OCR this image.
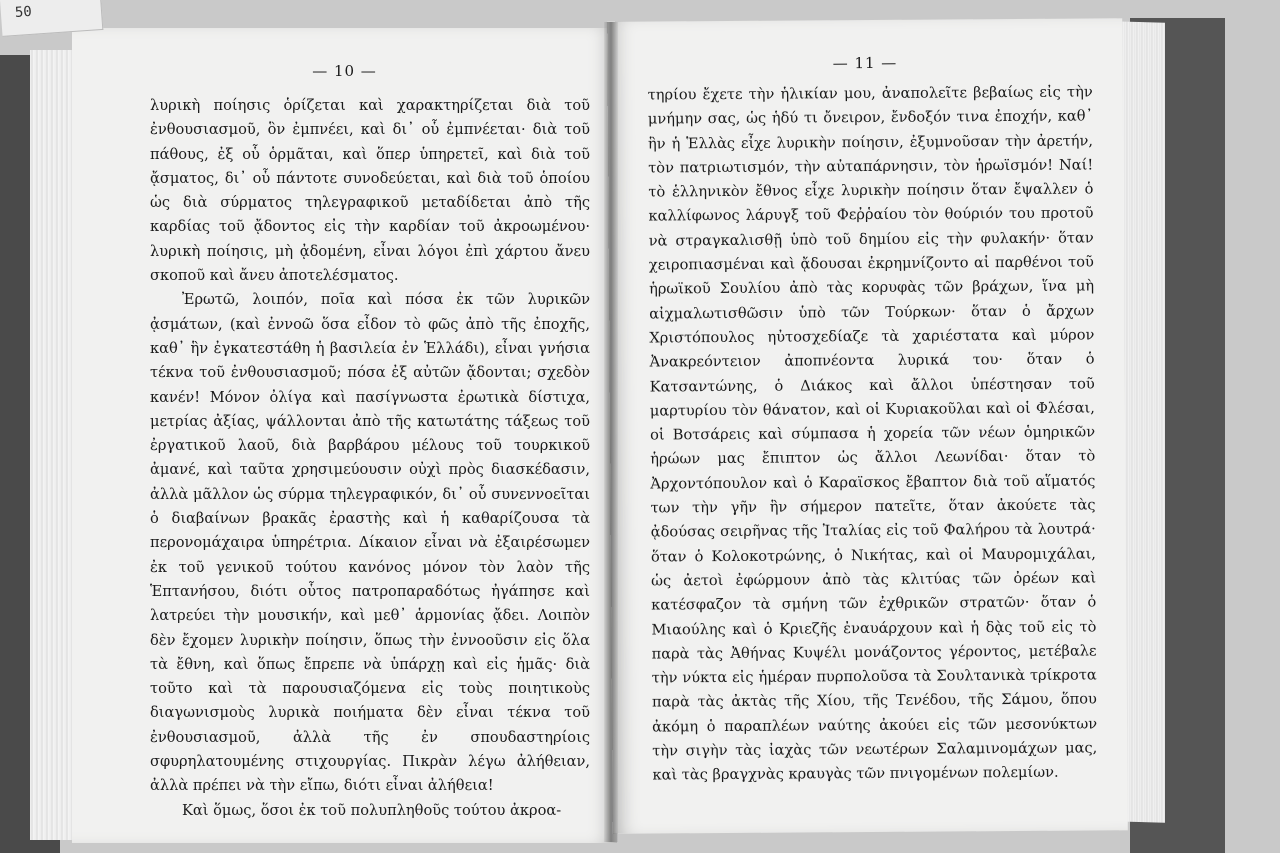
— 10 —

λυρικὴ ποίησις ὁρίζεται καὶ χαρακτηρίζεται διὰ τοῦ ἐνθουσιασμοῦ, ὃν ἐμπνέει, καὶ δι᾽ οὗ ἐμπνέεται· διὰ τοῦ πάθους, ἐξ οὗ ὁρμᾶται, καὶ ὅπερ ὑπηρετεῖ, καὶ διὰ τοῦ ᾄσματος, δι᾽ οὗ πάντοτε συνοδεύεται, καὶ διὰ τοῦ ὁποίου ὡς διὰ σύρματος τηλεγραφικοῦ μεταδίδεται ἀπὸ τῆς καρδίας τοῦ ᾄδοντος εἰς τὴν καρδίαν τοῦ ἀκροωμένου· λυρικὴ ποίησις, μὴ ᾀδομένη, εἶναι λόγοι ἐπὶ χάρτου ἄνευ σκοποῦ καὶ ἄνευ ἀποτελέσματος.

Ἐρωτῶ, λοιπόν, ποῖα καὶ πόσα ἐκ τῶν λυρικῶν ᾀσμάτων, (καὶ ἐννοῶ ὅσα εἶδον τὸ φῶς ἀπὸ τῆς ἐποχῆς, καθ᾽ ἣν ἐγκατεστάθη ἡ βασιλεία ἐν Ἑλλάδι), εἶναι γνήσια τέκνα τοῦ ἐνθουσιασμοῦ; πόσα ἐξ αὐτῶν ᾄδονται; σχεδὸν κανέν! Μόνον ὀλίγα καὶ πασίγνωστα ἐρωτικὰ δίστιχα, μετρίας ἀξίας, ψάλλονται ἀπὸ τῆς κατωτάτης τάξεως τοῦ ἐργατικοῦ λαοῦ, διὰ βαρβάρου μέλους τοῦ τουρκικοῦ ἀμανέ, καὶ ταῦτα χρησιμεύουσιν οὐχὶ πρὸς διασκέδασιν, ἀλλὰ μᾶλλον ὡς σύρμα τηλεγραφικόν, δι᾽ οὗ συνεννοεῖται ὁ διαβαίνων βρακᾶς ἐραστὴς καὶ ἡ καθαρίζουσα τὰ περονομάχαιρα ὑπηρέτρια. Δίκαιον εἶναι νὰ ἐξαιρέσωμεν ἐκ τοῦ γενικοῦ τούτου κανόνος μόνον τὸν λαὸν τῆς Ἑπτανήσου, διότι οὗτος πατροπαραδότως ἠγάπησε καὶ λατρεύει τὴν μουσικήν, καὶ μεθ᾽ ἁρμονίας ᾄδει. Λοιπὸν δὲν ἔχομεν λυρικὴν ποίησιν, ὅπως τὴν ἐννοοῦσιν εἰς ὅλα τὰ ἔθνη, καὶ ὅπως ἔπρεπε νὰ ὑπάρχῃ καὶ εἰς ἡμᾶς· διὰ τοῦτο καὶ τὰ παρουσιαζόμενα εἰς τοὺς ποιητικοὺς διαγωνισμοὺς λυρικὰ ποιήματα δὲν εἶναι τέκνα τοῦ ἐνθουσιασμοῦ, ἀλλὰ τῆς ἐν σπουδαστηρίοις σφυρηλατουμένης στιχουργίας. Πικρὰν λέγω ἀλήθειαν, ἀλλὰ πρέπει νὰ τὴν εἴπω, διότι εἶναι ἀλήθεια!

Καὶ ὅμως, ὅσοι ἐκ τοῦ πολυπληθοῦς τούτου ἀκροα-

— 11 —

τηρίου ἔχετε τὴν ἡλικίαν μου, ἀναπολεῖτε βεβαίως εἰς τὴν μνήμην σας, ὡς ἡδύ τι ὄνειρον, ἔνδοξόν τινα ἐποχήν, καθ᾽ ἣν ἡ Ἑλλὰς εἶχε λυρικὴν ποίησιν, ἐξυμνοῦσαν τὴν ἀρετήν, τὸν πατριωτισμόν, τὴν αὐταπάρνησιν, τὸν ἡρωϊσμόν! Ναί! τὸ ἑλληνικὸν ἔθνος εἶχε λυρικὴν ποίησιν ὅταν ἔψαλλεν ὁ καλλίφωνος λάρυγξ τοῦ Φεῤῥαίου τὸν θούριόν του προτοῦ νὰ στραγκαλισθῇ ὑπὸ τοῦ δημίου εἰς τὴν φυλακήν· ὅταν χειροπιασμέναι καὶ ᾄδουσαι ἐκρημνίζοντο αἱ παρθένοι τοῦ ἡρωϊκοῦ Σουλίου ἀπὸ τὰς κορυφὰς τῶν βράχων, ἵνα μὴ αἰχμαλωτισθῶσιν ὑπὸ τῶν Τούρκων· ὅταν ὁ ἄρχων Χριστόπουλος ηὐτοσχεδίαζε τὰ χαριέστατα καὶ μύρον Ἀνακρεόντειον ἀποπνέοντα λυρικά του· ὅταν ὁ Κατσαντώνης, ὁ Διάκος καὶ ἄλλοι ὑπέστησαν τοῦ μαρτυρίου τὸν θάνατον, καὶ οἱ Κυριακοῦλαι καὶ οἱ Φλέσαι, οἱ Βοτσάρεις καὶ σύμπασα ἡ χορεία τῶν νέων ὁμηρικῶν ἡρώων μας ἔπιπτον ὡς ἄλλοι Λεωνίδαι· ὅταν τὸ Ἀρχοντόπουλον καὶ ὁ Καραϊσκος ἔβαπτον διὰ τοῦ αἵματός των τὴν γῆν ἣν σήμερον πατεῖτε, ὅταν ἀκούετε τὰς ᾀδούσας σειρῆνας τῆς Ἰταλίας εἰς τοῦ Φαλήρου τὰ λουτρά· ὅταν ὁ Κολοκοτρώνης, ὁ Νικήτας, καὶ οἱ Μαυρομιχάλαι, ὡς ἀετοὶ ἐφώρμουν ἀπὸ τὰς κλιτύας τῶν ὀρέων καὶ κατέσφαζον τὰ σμήνη τῶν ἐχθρικῶν στρατῶν· ὅταν ὁ Μιαούλης καὶ ὁ Κριεζῆς ἐναυάρχουν καὶ ἡ δᾲς τοῦ εἰς τὸ παρὰ τὰς Ἀθήνας Κυψέλι μονάζοντος γέροντος, μετέβαλε τὴν νύκτα εἰς ἡμέραν πυρπολοῦσα τὰ Σουλτανικὰ τρίκροτα παρὰ τὰς ἀκτὰς τῆς Χίου, τῆς Τενέδου, τῆς Σάμου, ὅπου ἀκόμη ὁ παραπλέων ναύτης ἀκούει εἰς τῶν μεσονύκτων τὴν σιγὴν τὰς ἰαχὰς τῶν νεωτέρων Σαλαμινομάχων μας, καὶ τὰς βραγχνὰς κραυγὰς τῶν πνιγομένων πολεμίων.

50
